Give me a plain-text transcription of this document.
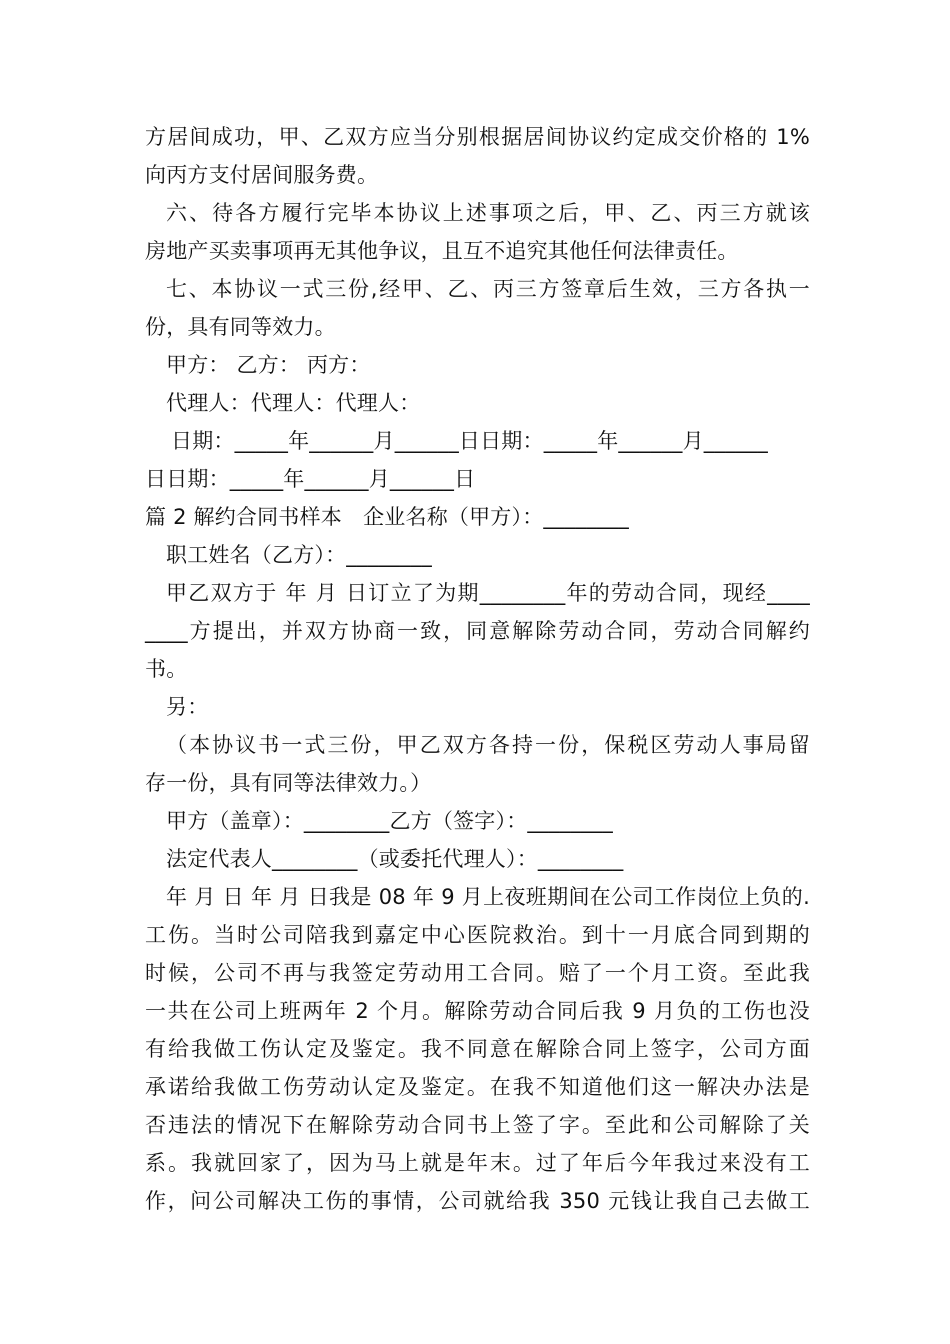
方居间成功，甲、乙双方应当分别根据居间协议约定成交价格的 1%
向丙方支付居间服务费。
六、待各方履行完毕本协议上述事项之后，甲、乙、丙三方就该
房地产买卖事项再无其他争议，且互不追究其他任何法律责任。
七、本协议一式三份,经甲、乙、丙三方签章后生效，三方各执一
份，具有同等效力。
甲方： 乙方： 丙方：
代理人：代理人：代理人：
日期：_____年______月______日日期：_____年______月______
日日期：_____年______月______日
篇 2 解约合同书样本　企业名称（甲方）：________
职工姓名（乙方）：________
甲乙双方于 年 月 日订立了为期________年的劳动合同，现经____
____方提出，并双方协商一致，同意解除劳动合同，劳动合同解约
书。
另：
（本协议书一式三份，甲乙双方各持一份，保税区劳动人事局留
存一份，具有同等法律效力。）
甲方（盖章）：________乙方（签字）：________
法定代表人________（或委托代理人）：________
年 月 日 年 月 日我是 08 年 9 月上夜班期间在公司工作岗位上负的.
工伤。当时公司陪我到嘉定中心医院救治。到十一月底合同到期的
时候，公司不再与我签定劳动用工合同。赔了一个月工资。至此我
一共在公司上班两年 2 个月。解除劳动合同后我 9 月负的工伤也没
有给我做工伤认定及鉴定。我不同意在解除合同上签字，公司方面
承诺给我做工伤劳动认定及鉴定。在我不知道他们这一解决办法是
否违法的情况下在解除劳动合同书上签了字。至此和公司解除了关
系。我就回家了，因为马上就是年末。过了年后今年我过来没有工
作，问公司解决工伤的事情，公司就给我 350 元钱让我自己去做工
